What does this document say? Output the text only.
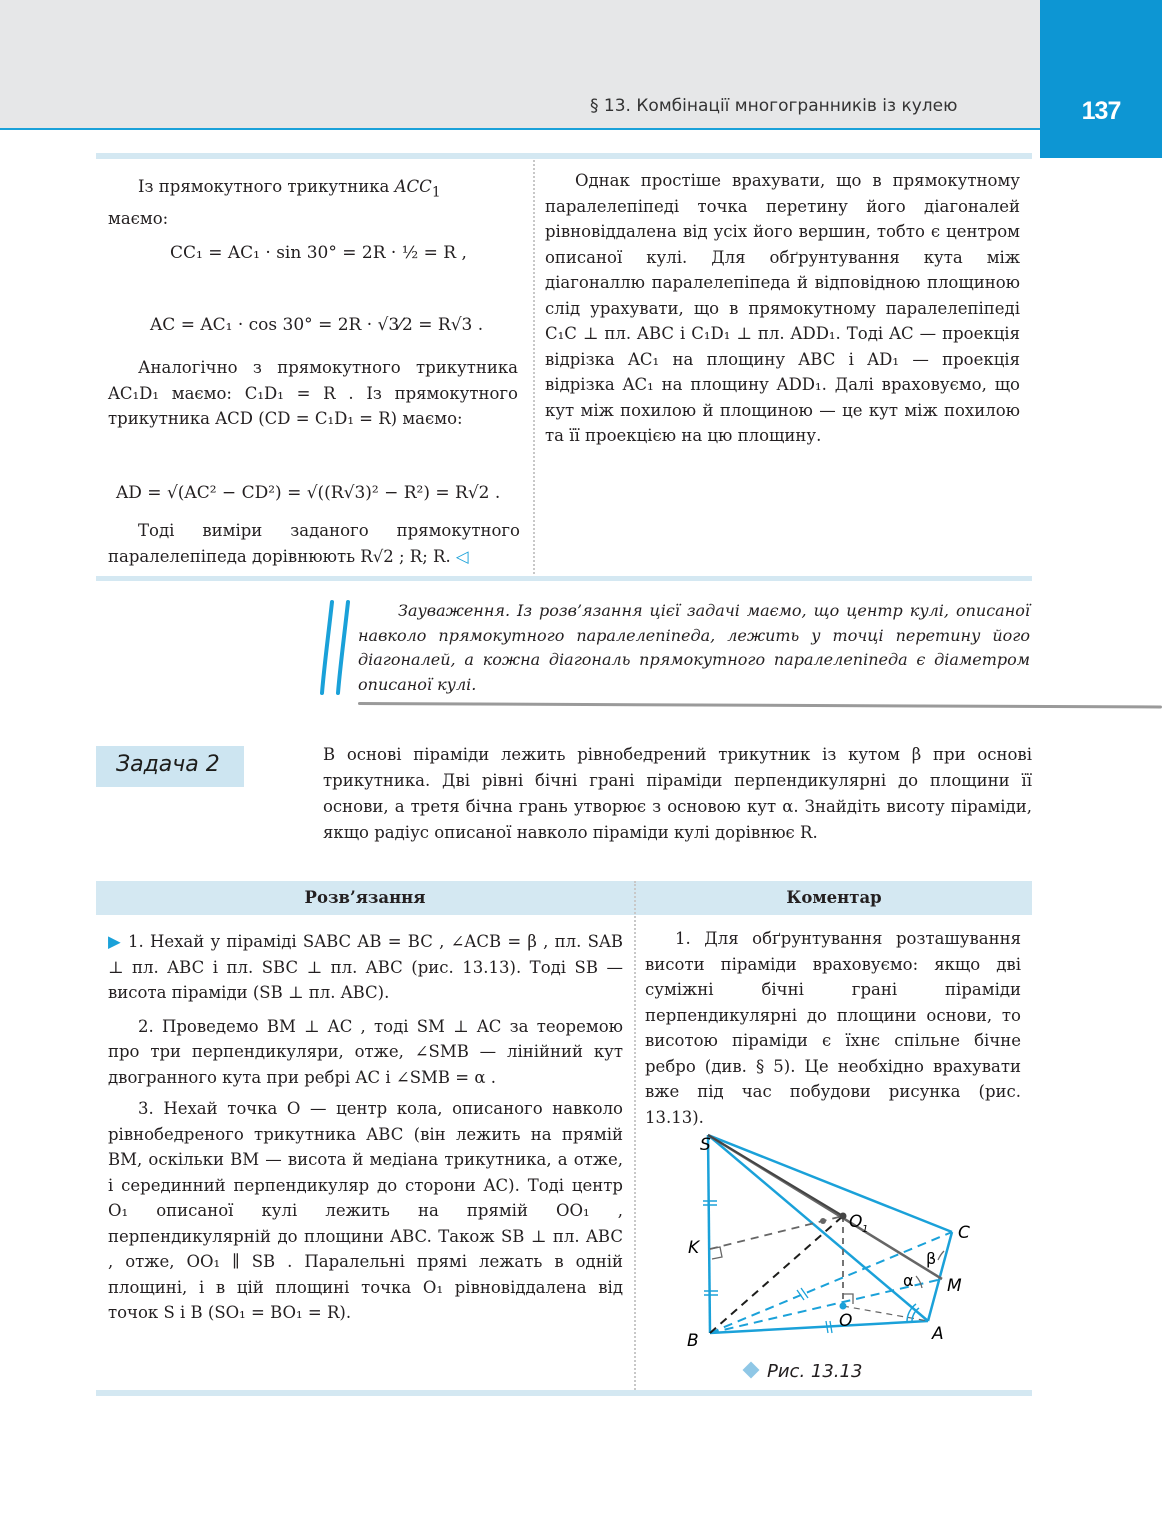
§ 13. Комбінації многогранників із кулею	137

Із прямокутного трикутника $ACC_1$
маємо:

CC₁ = AC₁ · sin 30° = 2R · ½ = R ,
AC = AC₁ · cos 30° = 2R · √3⁄2 = R√3 .

Аналогічно з прямокутного трикутника AC₁D₁ маємо: C₁D₁ = R . Із прямокутного трикутника ACD (CD = C₁D₁ = R) маємо:

AD = √(AC² − CD²) = √((R√3)² − R²) = R√2 .

Тоді виміри заданого прямокутного паралелепіпеда дорівнюють R√2 ; R; R. ◁

Однак простіше врахувати, що в прямокутному паралелепіпеді точка перетину його діагоналей рівновіддалена від усіх його вершин, тобто є центром описаної кулі. Для обґрунтування кута між діагоналлю паралелепіпеда й відповідною площиною слід урахувати, що в прямокутному паралелепіпеді C₁C ⊥ пл. ABC і C₁D₁ ⊥ пл. ADD₁. Тоді AC — проекція відрізка AC₁ на площину ABC і AD₁ — проекція відрізка AC₁ на площину ADD₁. Далі враховуємо, що кут між похилою й площиною — це кут між похилою та її проекцією на цю площину.

Зауваження. Із розв’язання цієї задачі маємо, що центр кулі, описаної навколо прямокутного паралелепіпеда, лежить у точці перетину його діагоналей, а кожна діагональ прямокутного паралелепіпеда є діаметром описаної кулі.
Задача 2	В основі піраміди лежить рівнобедрений трикутник із кутом β при основі трикутника. Дві рівні бічні грані піраміди перпендикулярні до площини її основи, а третя бічна грань утворює з основою кут α. Знайдіть висоту піраміди, якщо радіус описаної навколо піраміди кулі дорівнює R.
Розв’язання	Коментар

▶ 1. Нехай у піраміді SABC AB = BC , ∠ACB = β , пл. SAB ⊥ пл. ABC і пл. SBC ⊥ пл. ABC (рис. 13.13). Тоді SB — висота піраміди (SB ⊥ пл. ABC).

2. Проведемо BM ⊥ AC , тоді SM ⊥ AC за теоремою про три перпендикуляри, отже, ∠SMB — лінійний кут двогранного кута при ребрі AC і ∠SMB = α .

3. Нехай точка O — центр кола, описаного навколо рівнобедреного трикутника ABC (він лежить на прямій BM, оскільки BM — висота й медіана трикутника, а отже, і серединний перпендикуляр до сторони AC). Тоді центр O₁ описаної кулі лежить на прямій OO₁ , перпендикулярній до площини ABC. Також SB ⊥ пл. ABC , отже, OO₁ ∥ SB . Паралельні прямі лежать в одній площині, і в цій площині точка O₁ рівновіддалена від точок S і B (SO₁ = BO₁ = R).

1. Для обґрунтування розташування висоти піраміди враховуємо: якщо дві суміжні бічні грані піраміди перпендикулярні до площини основи, то висотою піраміди є їхнє спільне бічне ребро (див. § 5). Це необхідно врахувати вже під час побудови рисунка (рис. 13.13).

S
K
B
O
O 1
A
C
M
α
β
Рис. 13.13
